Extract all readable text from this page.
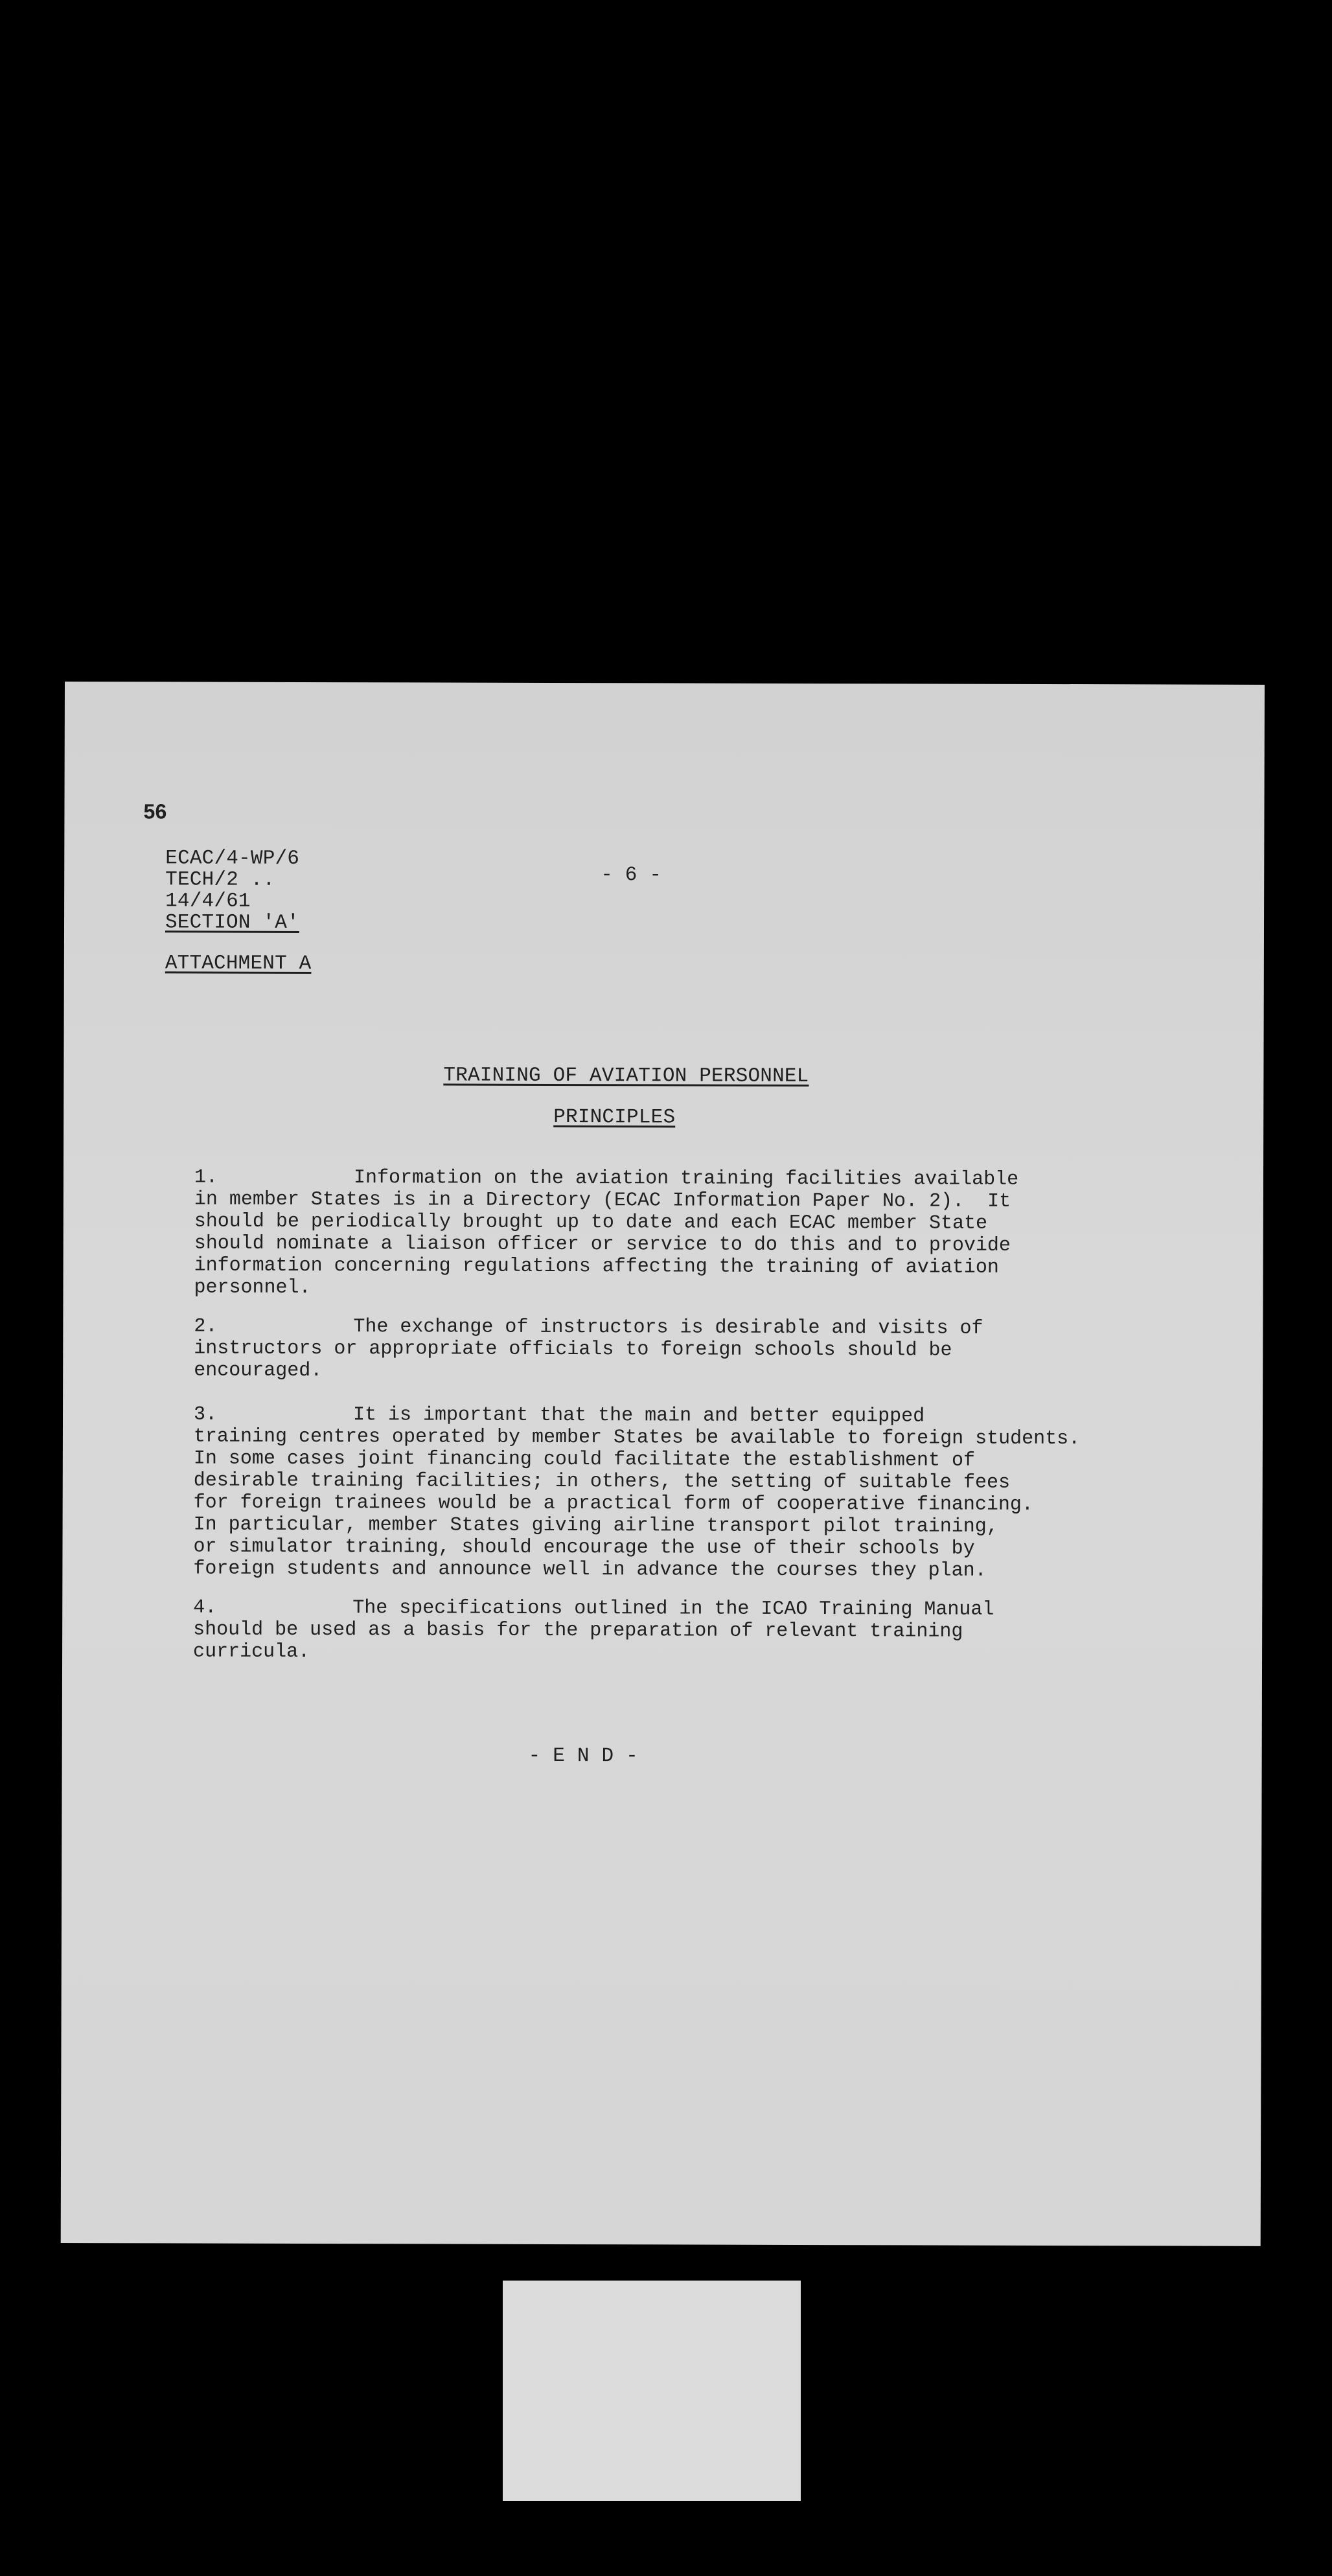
56
ECAC/4-WP/6
TECH/2 ..
14/4/61
SECTION 'A'
ATTACHMENT A
- 6 -
TRAINING OF AVIATION PERSONNEL
PRINCIPLES
1.	Information on the aviation training facilities available
in member States is in a Directory (ECAC Information Paper No. 2).  It
should be periodically brought up to date and each ECAC member State
should nominate a liaison officer or service to do this and to provide
information concerning regulations affecting the training of aviation
personnel.
2.	The exchange of instructors is desirable and visits of
instructors or appropriate officials to foreign schools should be
encouraged.
3.	It is important that the main and better equipped
training centres operated by member States be available to foreign students.
In some cases joint financing could facilitate the establishment of
desirable training facilities; in others, the setting of suitable fees
for foreign trainees would be a practical form of cooperative financing.
In particular, member States giving airline transport pilot training,
or simulator training, should encourage the use of their schools by
foreign students and announce well in advance the courses they plan.
4.	The specifications outlined in the ICAO Training Manual
should be used as a basis for the preparation of relevant training
curricula.
- E N D -
